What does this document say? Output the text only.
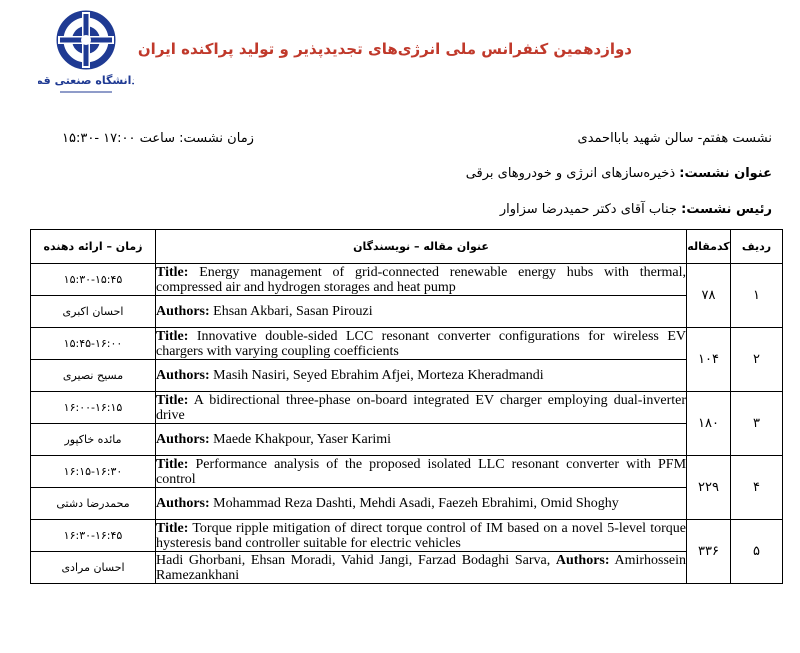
دانشگاه صنعتی قم
دوازدهمین کنفرانس ملی انرژی‌های تجدیدپذیر و تولید پراکنده ایران
نشست هفتم- سالن شهید بابااحمدی
زمان نشست: ساعت ۱۷:۰۰ -۱۵:۳۰
عنوان نشست: ذخیره‌سازهای انرژی و خودروهای برقی
رئیس نشست: جناب آقای دکتر حمیدرضا سزاوار
زمان – ارائه دهنده	عنوان مقاله – نویسندگان	کدمقاله	ردیف
۱۵:۳۰-۱۵:۴۵	Title: Energy management of grid-connected renewable energy hubs with thermal, compressed air and hydrogen storages and heat pump	۷۸	۱
احسان اکبری	Authors: Ehsan Akbari, Sasan Pirouzi		
۱۵:۴۵-۱۶:۰۰	Title: Innovative double-sided LCC resonant converter configurations for wireless EV chargers with varying coupling coefficients	۱۰۴	۲
مسیح نصیری	Authors: Masih Nasiri, Seyed Ebrahim Afjei, Morteza Kheradmandi		
۱۶:۰۰-۱۶:۱۵	Title: A bidirectional three-phase on-board integrated EV charger employing dual-inverter drive	۱۸۰	۳
مائده خاکپور	Authors: Maede Khakpour, Yaser Karimi		
۱۶:۱۵-۱۶:۳۰	Title: Performance analysis of the proposed isolated LLC resonant converter with PFM control	۲۲۹	۴
محمدرضا دشتی	Authors: Mohammad Reza Dashti, Mehdi Asadi, Faezeh Ebrahimi, Omid Shoghy		
۱۶:۳۰-۱۶:۴۵	Title: Torque ripple mitigation of direct torque control of IM based on a novel 5-level torque hysteresis band controller suitable for electric vehicles	۳۳۶	۵
احسان مرادی	Hadi Ghorbani, Ehsan Moradi, Vahid Jangi, Farzad Bodaghi Sarva, Authors: Amirhossein Ramezankhani		
